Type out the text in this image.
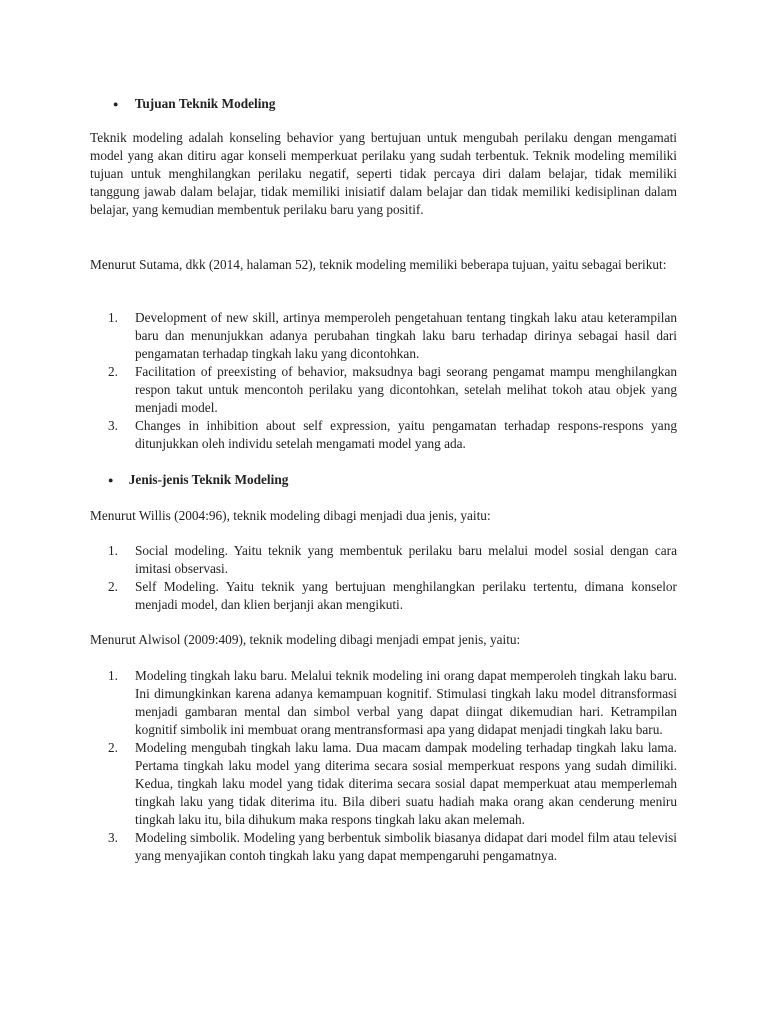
● Tujuan Teknik Modeling

Teknik modeling adalah konseling behavior yang bertujuan untuk mengubah perilaku dengan mengamati model yang akan ditiru agar konseli memperkuat perilaku yang sudah terbentuk. Teknik modeling memiliki tujuan untuk menghilangkan perilaku negatif, seperti tidak percaya diri dalam belajar, tidak memiliki tanggung jawab dalam belajar, tidak memiliki inisiatif dalam belajar dan tidak memiliki kedisiplinan dalam belajar, yang kemudian membentuk perilaku baru yang positif.

Menurut Sutama, dkk (2014, halaman 52), teknik modeling memiliki beberapa tujuan, yaitu sebagai berikut:

1. Development of new skill, artinya memperoleh pengetahuan tentang tingkah laku atau keterampilan baru dan menunjukkan adanya perubahan tingkah laku baru terhadap dirinya sebagai hasil dari pengamatan terhadap tingkah laku yang dicontohkan.
2. Facilitation of preexisting of behavior, maksudnya bagi seorang pengamat mampu menghilangkan respon takut untuk mencontoh perilaku yang dicontohkan, setelah melihat tokoh atau objek yang menjadi model.
3. Changes in inhibition about self expression, yaitu pengamatan terhadap respons-respons yang ditunjukkan oleh individu setelah mengamati model yang ada.
● Jenis-jenis Teknik Modeling

Menurut Willis (2004:96), teknik modeling dibagi menjadi dua jenis, yaitu:

1. Social modeling. Yaitu teknik yang membentuk perilaku baru melalui model sosial dengan cara imitasi observasi.
2. Self Modeling. Yaitu teknik yang bertujuan menghilangkan perilaku tertentu, dimana konselor menjadi model, dan klien berjanji akan mengikuti.

Menurut Alwisol (2009:409), teknik modeling dibagi menjadi empat jenis, yaitu:

1. Modeling tingkah laku baru. Melalui teknik modeling ini orang dapat memperoleh tingkah laku baru. Ini dimungkinkan karena adanya kemampuan kognitif. Stimulasi tingkah laku model ditransformasi menjadi gambaran mental dan simbol verbal yang dapat diingat dikemudian hari. Ketrampilan kognitif simbolik ini membuat orang mentransformasi apa yang didapat menjadi tingkah laku baru.
2. Modeling mengubah tingkah laku lama. Dua macam dampak modeling terhadap tingkah laku lama. Pertama tingkah laku model yang diterima secara sosial memperkuat respons yang sudah dimiliki. Kedua, tingkah laku model yang tidak diterima secara sosial dapat memperkuat atau memperlemah tingkah laku yang tidak diterima itu. Bila diberi suatu hadiah maka orang akan cenderung meniru tingkah laku itu, bila dihukum maka respons tingkah laku akan melemah.
3. Modeling simbolik. Modeling yang berbentuk simbolik biasanya didapat dari model film atau televisi yang menyajikan contoh tingkah laku yang dapat mempengaruhi pengamatnya.
